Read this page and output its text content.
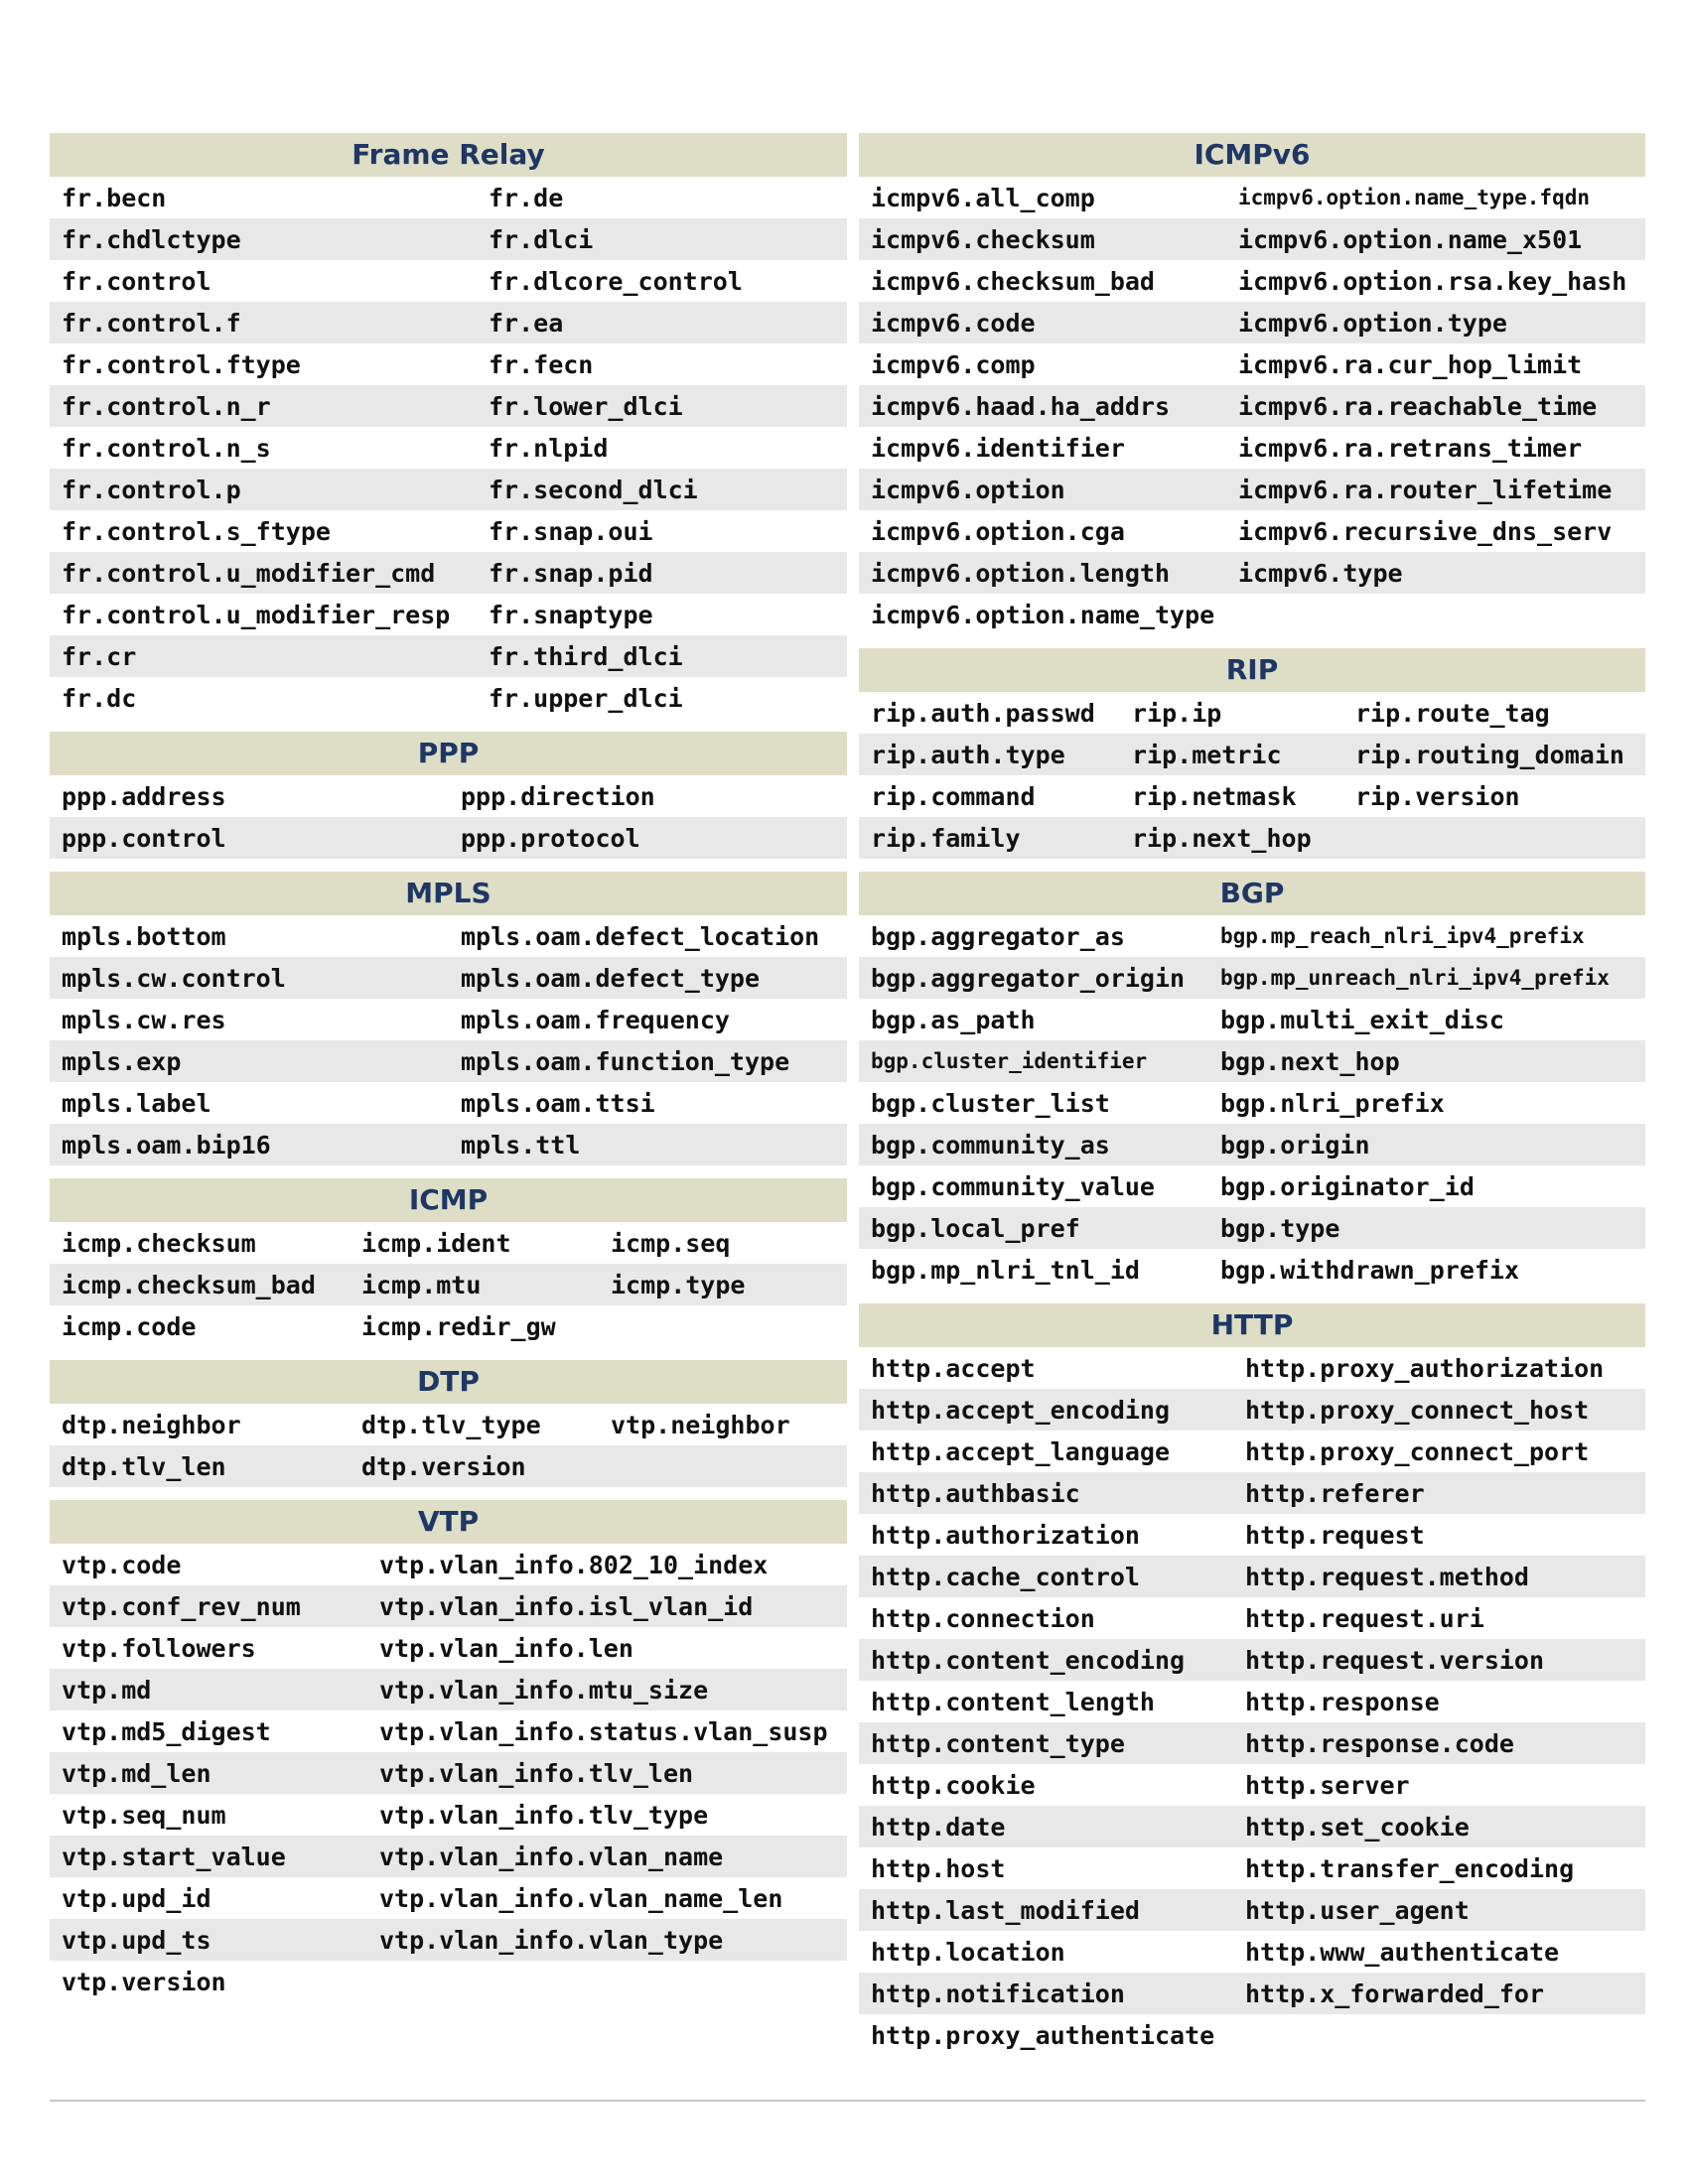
Frame Relay
fr.becn	fr.de
fr.chdlctype	fr.dlci
fr.control	fr.dlcore_control
fr.control.f	fr.ea
fr.control.ftype	fr.fecn
fr.control.n_r	fr.lower_dlci
fr.control.n_s	fr.nlpid
fr.control.p	fr.second_dlci
fr.control.s_ftype	fr.snap.oui
fr.control.u_modifier_cmd	fr.snap.pid
fr.control.u_modifier_resp	fr.snaptype
fr.cr	fr.third_dlci
fr.dc	fr.upper_dlci
PPP
ppp.address	ppp.direction
ppp.control	ppp.protocol
MPLS
mpls.bottom	mpls.oam.defect_location
mpls.cw.control	mpls.oam.defect_type
mpls.cw.res	mpls.oam.frequency
mpls.exp	mpls.oam.function_type
mpls.label	mpls.oam.ttsi
mpls.oam.bip16	mpls.ttl
ICMP
icmp.checksum	icmp.ident	icmp.seq
icmp.checksum_bad	icmp.mtu	icmp.type
icmp.code	icmp.redir_gw
DTP
dtp.neighbor	dtp.tlv_type	vtp.neighbor
dtp.tlv_len	dtp.version
VTP
vtp.code	vtp.vlan_info.802_10_index
vtp.conf_rev_num	vtp.vlan_info.isl_vlan_id
vtp.followers	vtp.vlan_info.len
vtp.md	vtp.vlan_info.mtu_size
vtp.md5_digest	vtp.vlan_info.status.vlan_susp
vtp.md_len	vtp.vlan_info.tlv_len
vtp.seq_num	vtp.vlan_info.tlv_type
vtp.start_value	vtp.vlan_info.vlan_name
vtp.upd_id	vtp.vlan_info.vlan_name_len
vtp.upd_ts	vtp.vlan_info.vlan_type
vtp.version
ICMPv6
icmpv6.all_comp	icmpv6.option.name_type.fqdn
icmpv6.checksum	icmpv6.option.name_x501
icmpv6.checksum_bad	icmpv6.option.rsa.key_hash
icmpv6.code	icmpv6.option.type
icmpv6.comp	icmpv6.ra.cur_hop_limit
icmpv6.haad.ha_addrs	icmpv6.ra.reachable_time
icmpv6.identifier	icmpv6.ra.retrans_timer
icmpv6.option	icmpv6.ra.router_lifetime
icmpv6.option.cga	icmpv6.recursive_dns_serv
icmpv6.option.length	icmpv6.type
icmpv6.option.name_type
RIP
rip.auth.passwd	rip.ip	rip.route_tag
rip.auth.type	rip.metric	rip.routing_domain
rip.command	rip.netmask	rip.version
rip.family	rip.next_hop
BGP
bgp.aggregator_as	bgp.mp_reach_nlri_ipv4_prefix
bgp.aggregator_origin	bgp.mp_unreach_nlri_ipv4_prefix
bgp.as_path	bgp.multi_exit_disc
bgp.cluster_identifier	bgp.next_hop
bgp.cluster_list	bgp.nlri_prefix
bgp.community_as	bgp.origin
bgp.community_value	bgp.originator_id
bgp.local_pref	bgp.type
bgp.mp_nlri_tnl_id	bgp.withdrawn_prefix
HTTP
http.accept	http.proxy_authorization
http.accept_encoding	http.proxy_connect_host
http.accept_language	http.proxy_connect_port
http.authbasic	http.referer
http.authorization	http.request
http.cache_control	http.request.method
http.connection	http.request.uri
http.content_encoding	http.request.version
http.content_length	http.response
http.content_type	http.response.code
http.cookie	http.server
http.date	http.set_cookie
http.host	http.transfer_encoding
http.last_modified	http.user_agent
http.location	http.www_authenticate
http.notification	http.x_forwarded_for
http.proxy_authenticate
